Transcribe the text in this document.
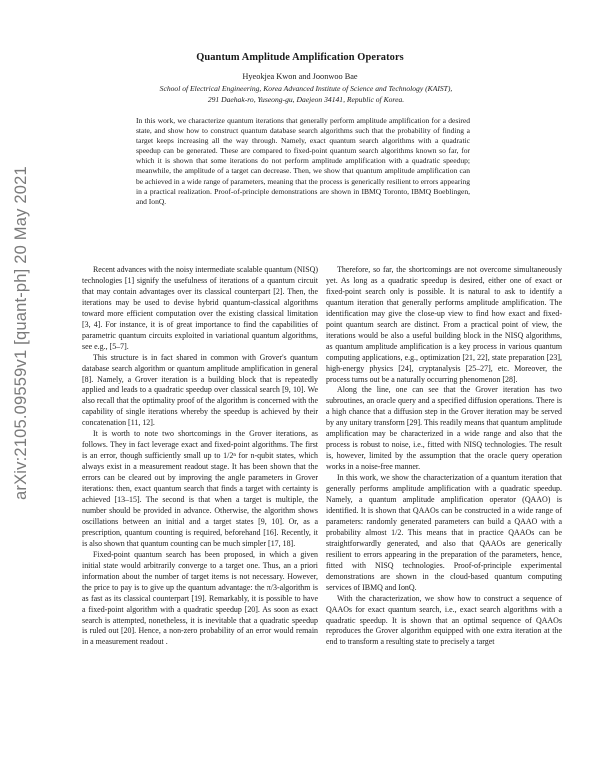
arXiv:2105.09559v1 [quant-ph] 20 May 2021
Quantum Amplitude Amplification Operators
Hyeokjea Kwon and Joonwoo Bae
School of Electrical Engineering, Korea Advanced Institute of Science and Technology (KAIST),
291 Daehak-ro, Yuseong-gu, Daejeon 34141, Republic of Korea.
In this work, we characterize quantum iterations that generally perform amplitude amplification for a desired state, and show how to construct quantum database search algorithms such that the probability of finding a target keeps increasing all the way through. Namely, exact quantum search algorithms with a quadratic speedup can be generated. These are compared to fixed-point quantum search algorithms known so far, for which it is shown that some iterations do not perform amplitude amplification with a quadratic speedup; meanwhile, the amplitude of a target can decrease. Then, we show that quantum amplitude amplification can be achieved in a wide range of parameters, meaning that the process is generically resilient to errors appearing in a practical realization. Proof-of-principle demonstrations are shown in IBMQ Toronto, IBMQ Boeblingen, and IonQ.

Recent advances with the noisy intermediate scalable quantum (NISQ) technologies [1] signify the usefulness of iterations of a quantum circuit that may contain advantages over its classical counterpart [2]. Then, the iterations may be used to devise hybrid quantum-classical algorithms toward more efficient computation over the existing classical limitation [3, 4]. For instance, it is of great importance to find the capabilities of parametric quantum circuits exploited in variational quantum algorithms, see e.g., [5–7].

This structure is in fact shared in common with Grover's quantum database search algorithm or quantum amplitude amplification in general [8]. Namely, a Grover iteration is a building block that is repeatedly applied and leads to a quadratic speedup over classical search [9, 10]. We also recall that the optimality proof of the algorithm is concerned with the capability of single iterations whereby the speedup is achieved by their concatenation [11, 12].

It is worth to note two shortcomings in the Grover iterations, as follows. They in fact leverage exact and fixed-point algorithms. The first is an error, though sufficiently small up to 1/2ⁿ for n-qubit states, which always exist in a measurement readout stage. It has been shown that the errors can be cleared out by improving the angle parameters in Grover iterations: then, exact quantum search that finds a target with certainty is achieved [13–15]. The second is that when a target is multiple, the number should be provided in advance. Otherwise, the algorithm shows oscillations between an initial and a target states [9, 10]. Or, as a prescription, quantum counting is required, beforehand [16]. Recently, it is also shown that quantum counting can be much simpler [17, 18].

Fixed-point quantum search has been proposed, in which a given initial state would arbitrarily converge to a target one. Thus, an a priori information about the number of target items is not necessary. However, the price to pay is to give up the quantum advantage: the π/3-algorithm is as fast as its classical counterpart [19]. Remarkably, it is possible to have a fixed-point algorithm with a quadratic speedup [20]. As soon as exact search is attempted, nonetheless, it is inevitable that a quadratic speedup is ruled out [20]. Hence, a non-zero probability of an error would remain in a measurement readout .

Therefore, so far, the shortcomings are not overcome simultaneously yet. As long as a quadratic speedup is desired, either one of exact or fixed-point search only is possible. It is natural to ask to identify a quantum iteration that generally performs amplitude amplification. The identification may give the close-up view to find how exact and fixed-point quantum search are distinct. From a practical point of view, the iterations would be also a useful building block in the NISQ algorithms, as quantum amplitude amplification is a key process in various quantum computing applications, e.g., optimization [21, 22], state preparation [23], high-energy physics [24], cryptanalysis [25–27], etc. Moreover, the process turns out be a naturally occurring phenomenon [28].

Along the line, one can see that the Grover iteration has two subroutines, an oracle query and a specified diffusion operations. There is a high chance that a diffusion step in the Grover iteration may be served by any unitary transform [29]. This readily means that quantum amplitude amplification may be characterized in a wide range and also that the process is robust to noise, i.e., fitted with NISQ technologies. The result is, however, limited by the assumption that the oracle query operation works in a noise-free manner.

In this work, we show the characterization of a quantum iteration that generally performs amplitude amplification with a quadratic speedup. Namely, a quantum amplitude amplification operator (QAAO) is identified. It is shown that QAAOs can be constructed in a wide range of parameters: randomly generated parameters can build a QAAO with a probability almost 1/2. This means that in practice QAAOs can be straightforwardly generated, and also that QAAOs are generically resilient to errors appearing in the preparation of the parameters, hence, fitted with NISQ technologies. Proof-of-principle experimental demonstrations are shown in the cloud-based quantum computing services of IBMQ and IonQ.

With the characterization, we show how to construct a sequence of QAAOs for exact quantum search, i.e., exact search algorithms with a quadratic speedup. It is shown that an optimal sequence of QAAOs reproduces the Grover algorithm equipped with one extra iteration at the end to transform a resulting state to precisely a target
